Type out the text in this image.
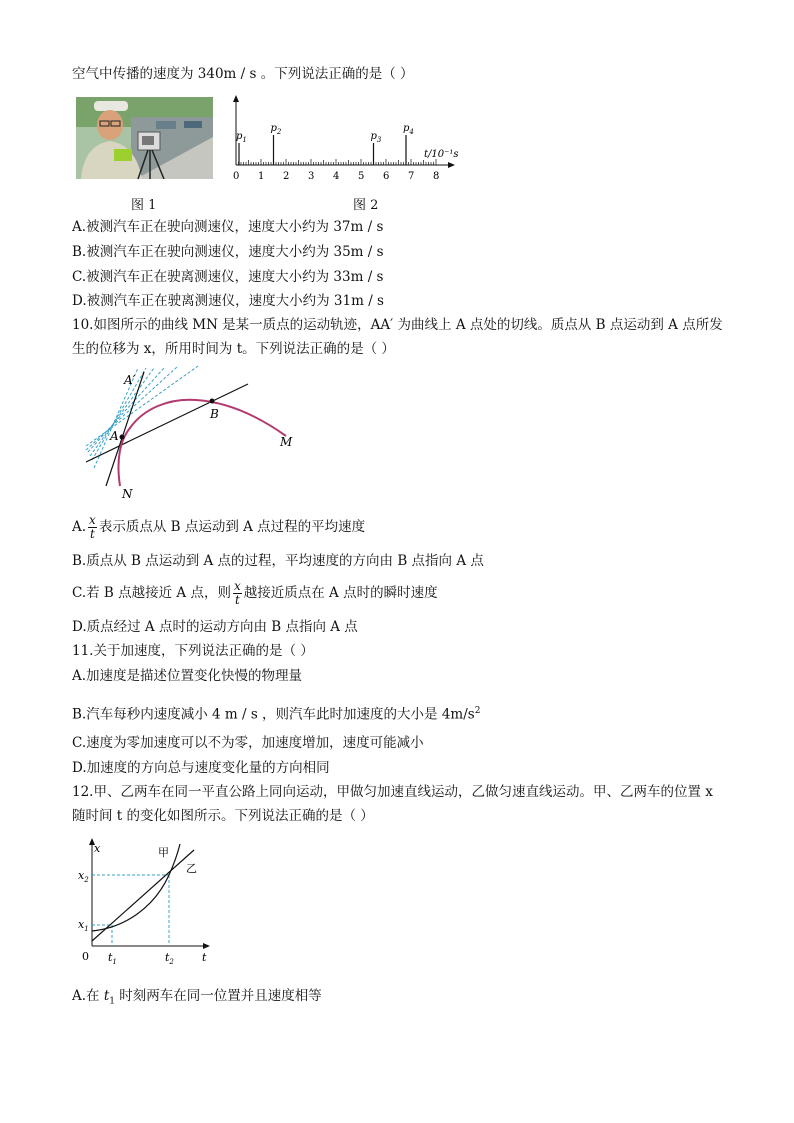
空气中传播的速度为 340m / s 。下列说法正确的是（ ）
图 1
t/10⁻¹s
0 1 2 3 4 5 6 7 8
$p_1$
$p_2$	$p_3$
$p_4$
图 2
A.被测汽车正在驶向测速仪，速度大小约为 37m / s
B.被测汽车正在驶向测速仪，速度大小约为 35m / s
C.被测汽车正在驶离测速仪，速度大小约为 33m / s
D.被测汽车正在驶离测速仪，速度大小约为 31m / s
10.如图所示的曲线 MN 是某一质点的运动轨迹，AA′ 为曲线上 A 点处的切线。质点从 B 点运动到 A 点所发
生的位移为 x，所用时间为 t。下列说法正确的是（ ）
A′
A
B
M
N
A. $\frac{x}{t}$ 表示质点从 B 点运动到 A 点过程的平均速度
B.质点从 B 点运动到 A 点的过程，平均速度的方向由 B 点指向 A 点
C.若 B 点越接近 A 点，则 $\frac{x}{t}$ 越接近质点在 A 点时的瞬时速度
D.质点经过 A 点时的运动方向由 B 点指向 A 点
11.关于加速度，下列说法正确的是（ ）
A.加速度是描述位置变化快慢的物理量
B.汽车每秒内速度减小 4 m / s ，则汽车此时加速度的大小是 $4m/s^2$
C.速度为零加速度可以不为零，加速度增加，速度可能减小
D.加速度的方向总与速度变化量的方向相同
12.甲、乙两车在同一平直公路上同向运动，甲做匀加速直线运动，乙做匀速直线运动。甲、乙两车的位置 x
随时间 t 的变化如图所示。下列说法正确的是（ ）
x
t
0
$x_2$
$x_1$
$t_1$	$t_2$
甲
乙
A.在 $t_1$ 时刻两车在同一位置并且速度相等
